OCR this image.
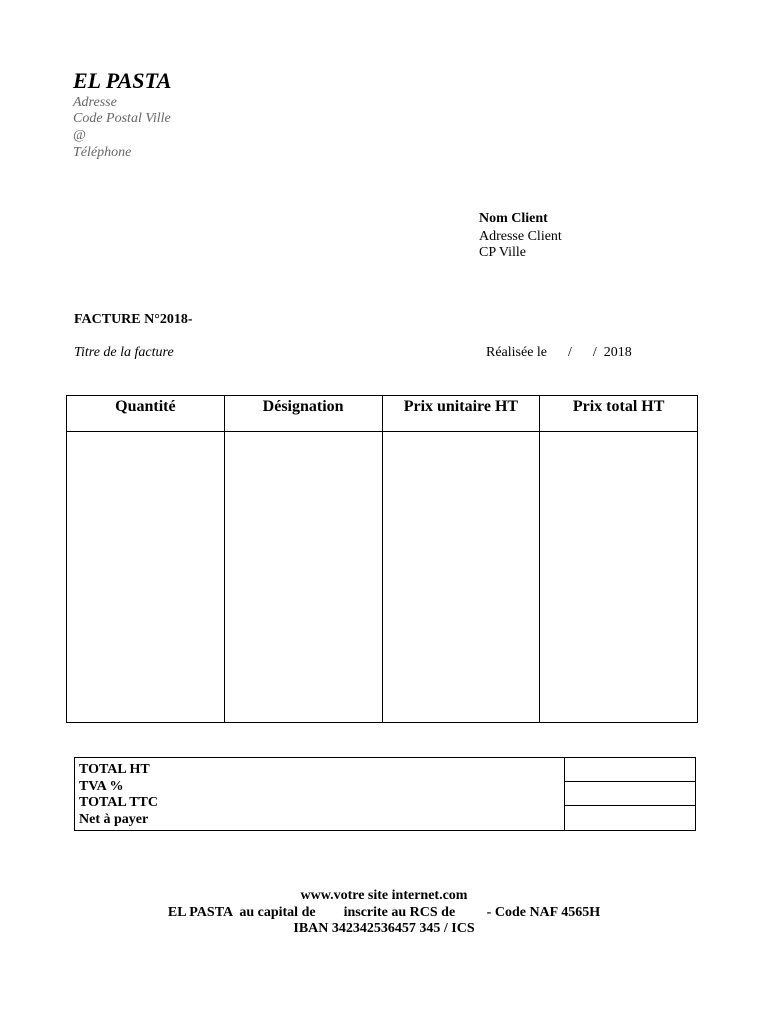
EL PASTA
Adresse
Code Postal Ville
@
Téléphone
Nom Client
Adresse Client
CP Ville
FACTURE N°2018-
Titre de la facture	Réalisée le      /      /  2018
Quantité	Désignation	Prix unitaire HT	Prix total HT

TOTAL HT
TVA %
TOTAL TTC
Net à payer

www.votre site internet.com
EL PASTA  au capital de        inscrite au RCS de         - Code NAF 4565H
IBAN 342342536457 345 / ICS
